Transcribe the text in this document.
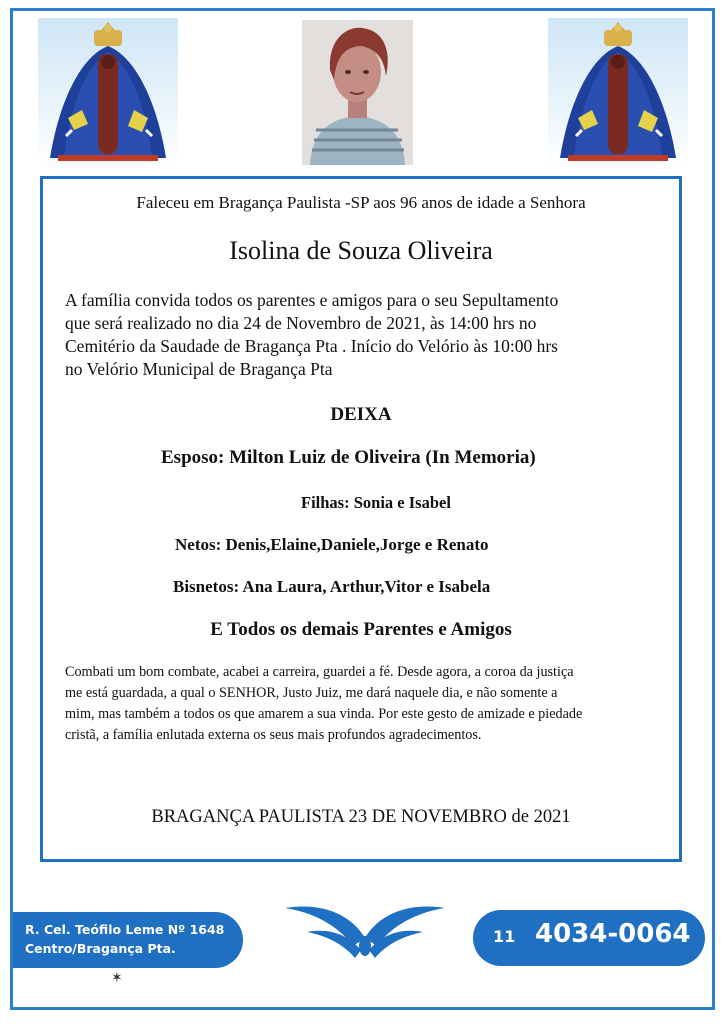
Faleceu em Bragança Paulista -SP aos 96 anos de idade a Senhora
Isolina de Souza Oliveira
A família convida todos os parentes e amigos para o seu Sepultamento
que será realizado no dia 24 de Novembro de 2021, às 14:00 hrs no
Cemitério da Saudade de Bragança Pta . Início do Velório às 10:00 hrs
no Velório Municipal de Bragança Pta
DEIXA
Esposo: Milton Luiz de Oliveira (In Memoria)
Filhas: Sonia e Isabel
Netos: Denis,Elaine,Daniele,Jorge e Renato
Bisnetos: Ana Laura, Arthur,Vitor e Isabela
E Todos os demais Parentes e Amigos
Combati um bom combate, acabei a carreira, guardei a fé. Desde agora, a coroa da justiça
me está guardada, a qual o SENHOR, Justo Juiz, me dará naquele dia, e não somente a
mim, mas também a todos os que amarem a sua vinda. Por este gesto de amizade e piedade
cristã, a família enlutada externa os seus mais profundos agradecimentos.
BRAGANÇA PAULISTA 23 DE NOVEMBRO de 2021
R. Cel. Teófilo Leme Nº 1648
Centro/Bragança Pta.
11 4034-0064
✶
